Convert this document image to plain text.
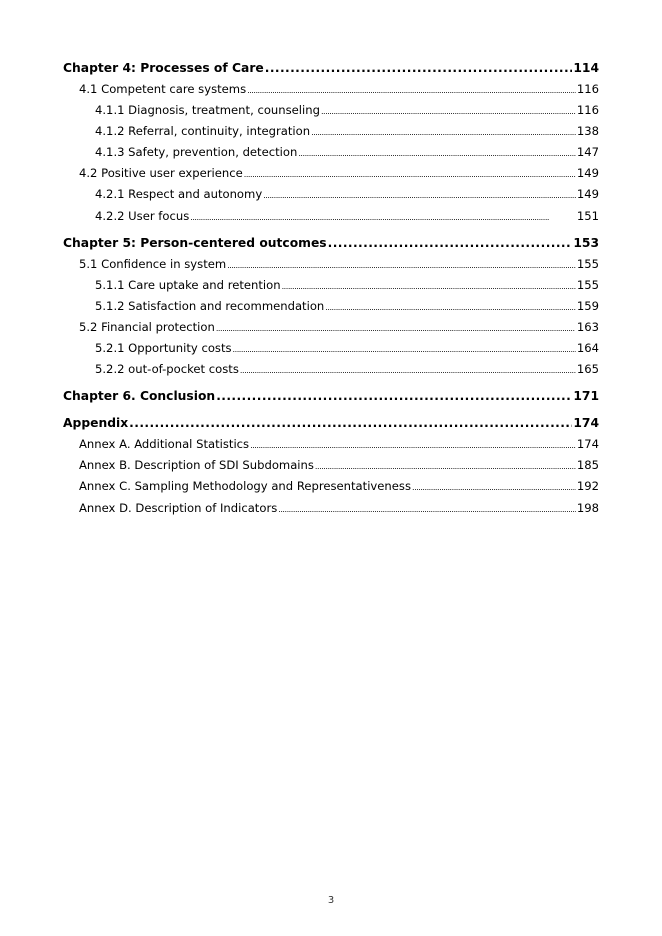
Chapter 4: Processes of Care .....	114
4.1 Competent care systems . . .	116
4.1.1 Diagnosis, treatment, counseling . . .	116
4.1.2 Referral, continuity, integration . . .	138
4.1.3 Safety, prevention, detection . . .	147
4.2 Positive user experience . . .	149
4.2.1 Respect and autonomy . . .	149
4.2.2 User focus . . .	151
Chapter 5: Person-centered outcomes .....	153
5.1 Confidence in system . . .	155
5.1.1 Care uptake and retention . . .	155
5.1.2 Satisfaction and recommendation . . .	159
5.2 Financial protection . . .	163
5.2.1 Opportunity costs . . .	164
5.2.2 out-of-pocket costs . . .	165
Chapter 6. Conclusion .....	171
Appendix .....	174
Annex A. Additional Statistics . . .	174
Annex B. Description of SDI Subdomains . . .	185
Annex C. Sampling Methodology and Representativeness . . .	192
Annex D. Description of Indicators . . .	198
3
